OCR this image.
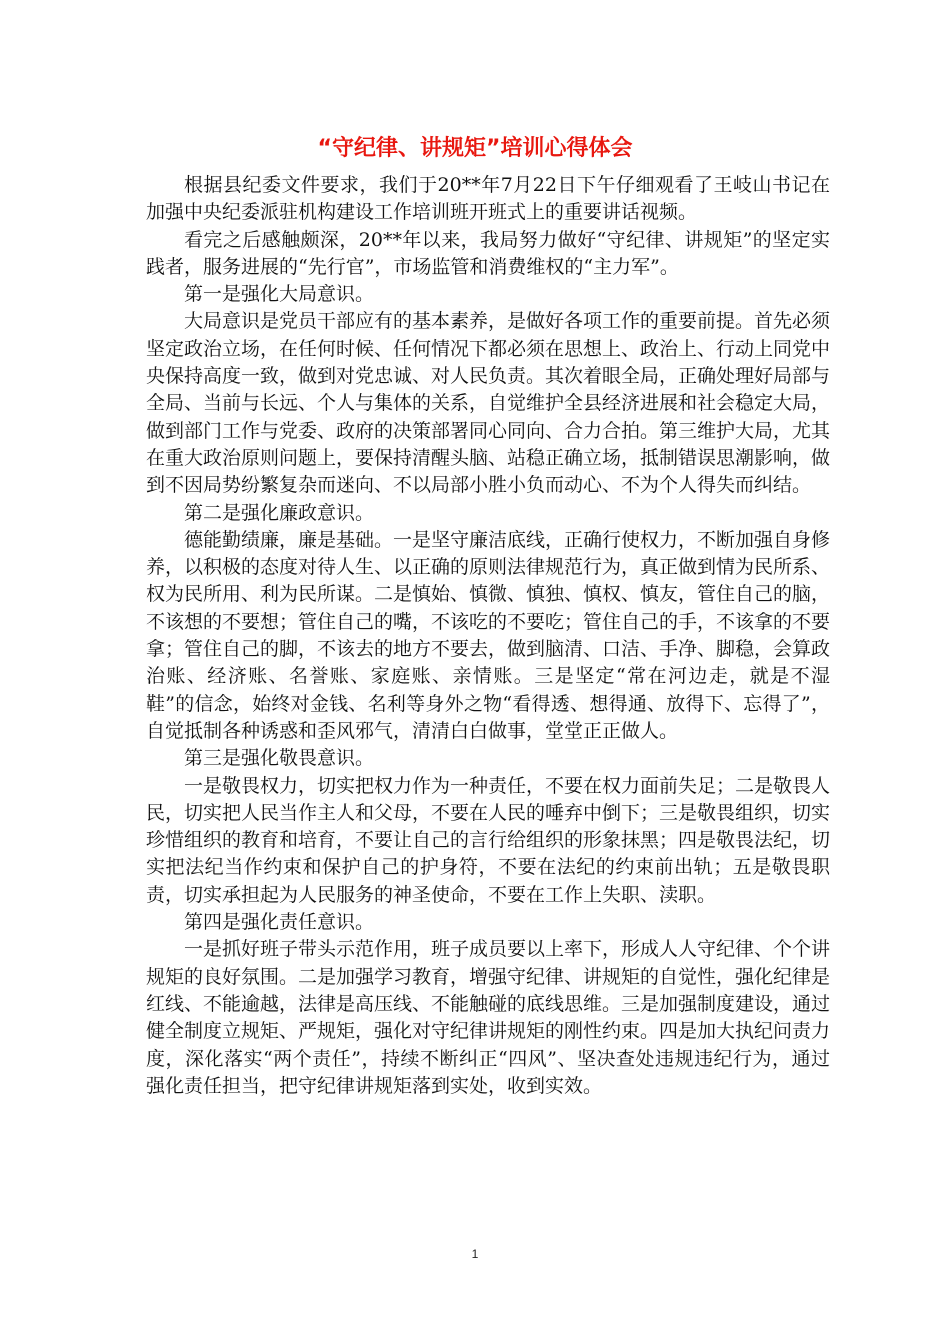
“守纪律、讲规矩”培训心得体会

根据县纪委文件要求，我们于20**年7月22日下午仔细观看了王岐山书记在加强中央纪委派驻机构建设工作培训班开班式上的重要讲话视频。

看完之后感触颇深，20**年以来，我局努力做好“守纪律、讲规矩”的坚定实践者，服务进展的“先行官”，市场监管和消费维权的“主力军”。

第一是强化大局意识。

大局意识是党员干部应有的基本素养，是做好各项工作的重要前提。首先必须坚定政治立场，在任何时候、任何情况下都必须在思想上、政治上、行动上同党中央保持高度一致，做到对党忠诚、对人民负责。其次着眼全局，正确处理好局部与全局、当前与长远、个人与集体的关系，自觉维护全县经济进展和社会稳定大局，做到部门工作与党委、政府的决策部署同心同向、合力合拍。第三维护大局，尤其在重大政治原则问题上，要保持清醒头脑、站稳正确立场，抵制错误思潮影响，做到不因局势纷繁复杂而迷向、不以局部小胜小负而动心、不为个人得失而纠结。

第二是强化廉政意识。

德能勤绩廉，廉是基础。一是坚守廉洁底线，正确行使权力，不断加强自身修养，以积极的态度对待人生、以正确的原则法律规范行为，真正做到情为民所系、权为民所用、利为民所谋。二是慎始、慎微、慎独、慎权、慎友，管住自己的脑，不该想的不要想；管住自己的嘴，不该吃的不要吃；管住自己的手，不该拿的不要拿；管住自己的脚，不该去的地方不要去，做到脑清、口洁、手净、脚稳，会算政治账、经济账、名誉账、家庭账、亲情账。三是坚定“常在河边走，就是不湿鞋”的信念，始终对金钱、名利等身外之物“看得透、想得通、放得下、忘得了”，自觉抵制各种诱惑和歪风邪气，清清白白做事，堂堂正正做人。

第三是强化敬畏意识。

一是敬畏权力，切实把权力作为一种责任，不要在权力面前失足；二是敬畏人民，切实把人民当作主人和父母，不要在人民的唾弃中倒下；三是敬畏组织，切实珍惜组织的教育和培育，不要让自己的言行给组织的形象抹黑；四是敬畏法纪，切实把法纪当作约束和保护自己的护身符，不要在法纪的约束前出轨；五是敬畏职责，切实承担起为人民服务的神圣使命，不要在工作上失职、渎职。

第四是强化责任意识。

一是抓好班子带头示范作用，班子成员要以上率下，形成人人守纪律、个个讲规矩的良好氛围。二是加强学习教育，增强守纪律、讲规矩的自觉性，强化纪律是红线、不能逾越，法律是高压线、不能触碰的底线思维。三是加强制度建设，通过健全制度立规矩、严规矩，强化对守纪律讲规矩的刚性约束。四是加大执纪问责力度，深化落实“两个责任”，持续不断纠正“四风”、坚决查处违规违纪行为，通过强化责任担当，把守纪律讲规矩落到实处，收到实效。

1
